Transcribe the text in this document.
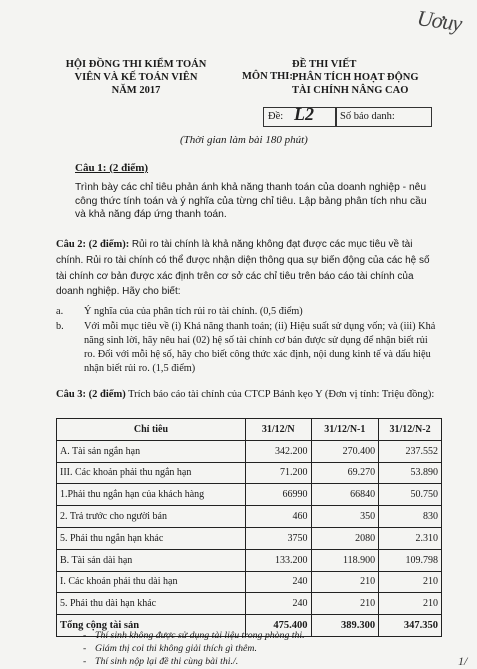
Uơuy
HỘI ĐỒNG THI KIỂM TOÁN
VIÊN VÀ KẾ TOÁN VIÊN
NĂM 2017
MÔN THI:
ĐỀ THI VIẾT
PHÂN TÍCH HOẠT ĐỘNG
TÀI CHÍNH NÂNG CAO
Đề: L2 Số báo danh:
(Thời gian làm bài 180 phút)
Câu 1: (2 điểm)
Trình bày các chỉ tiêu phản ánh khả năng thanh toán của doanh nghiệp - nêu công thức tính toán và ý nghĩa của từng chỉ tiêu. Lập bảng phân tích nhu cầu và khả năng đáp ứng thanh toán.
Câu 2: (2 điểm): Rủi ro tài chính là khả năng không đạt được các mục tiêu về tài
chính. Rủi ro tài chính có thể được nhận diện thông qua sự biến động của các hệ số tài chính cơ bản được xác định trên cơ sở các chỉ tiêu trên báo cáo tài chính của doanh nghiệp. Hãy cho biết:
a. Ý nghĩa của của phân tích rủi ro tài chính. (0,5 điểm)
b. Với mỗi mục tiêu về (i) Khả năng thanh toán; (ii) Hiệu suất sử dụng vốn; và (iii) Khả năng sinh lời, hãy nêu hai (02) hệ số tài chính cơ bản được sử dụng để nhận biết rủi ro. Đối với mỗi hệ số, hãy cho biết công thức xác định, nội dung kinh tế và dấu hiệu nhận biết rủi ro. (1,5 điểm)
Câu 3: (2 điểm) Trích báo cáo tài chính của CTCP Bánh kẹo Y (Đơn vị tính: Triệu đồng):
Chỉ tiêu	31/12/N	31/12/N-1	31/12/N-2
A. Tài sản ngắn hạn	342.200	270.400	237.552
III. Các khoản phải thu ngắn hạn	71.200	69.270	53.890
1.Phải thu ngắn hạn của khách hàng	66990	66840	50.750
2. Trả trước cho người bán	460	350	830
5. Phải thu ngắn hạn khác	3750	2080	2.310
B. Tài sản dài hạn	133.200	118.900	109.798
I. Các khoản phải thu dài hạn	240	210	210
5. Phải thu dài hạn khác	240	210	210
Tổng cộng tài sản	475.400	389.300	347.350
- Thí sinh không được sử dụng tài liệu trong phòng thi.
- Giám thị coi thi không giải thích gì thêm.
- Thí sinh nộp lại đề thi cùng bài thi./.	1/
